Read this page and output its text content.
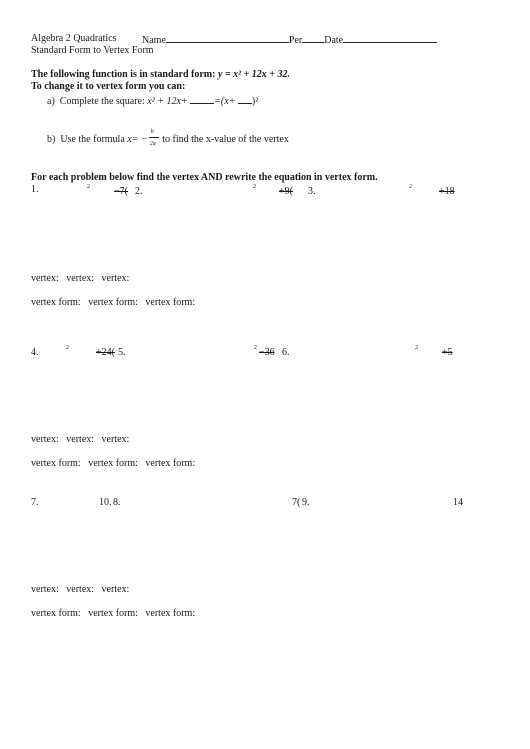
Algebra 2 Quadratics	Name	Per Date
Standard Form to Vertex Form
The following function is in standard form: y = x² + 12x + 32.
To change it to vertex form you can:
a) Complete the square: x² + 12x+	=(x+ )²
b) Use the formula $x= - \frac{b}{2a}$ to find the x-value of the vertex
For each problem below find the vertex AND rewrite the equation in vertex form.
1.	2 −7( 2.	2 +9( 3.	2	+18
vertex: vertex: vertex:
vertex form: vertex form: vertex form:
4.	2	+24( 5.	2 −36 6.	2 +5
vertex: vertex: vertex:
vertex form: vertex form: vertex form:
7.	10. 8.	7( 9.	14
vertex: vertex: vertex:
vertex form: vertex form: vertex form:
